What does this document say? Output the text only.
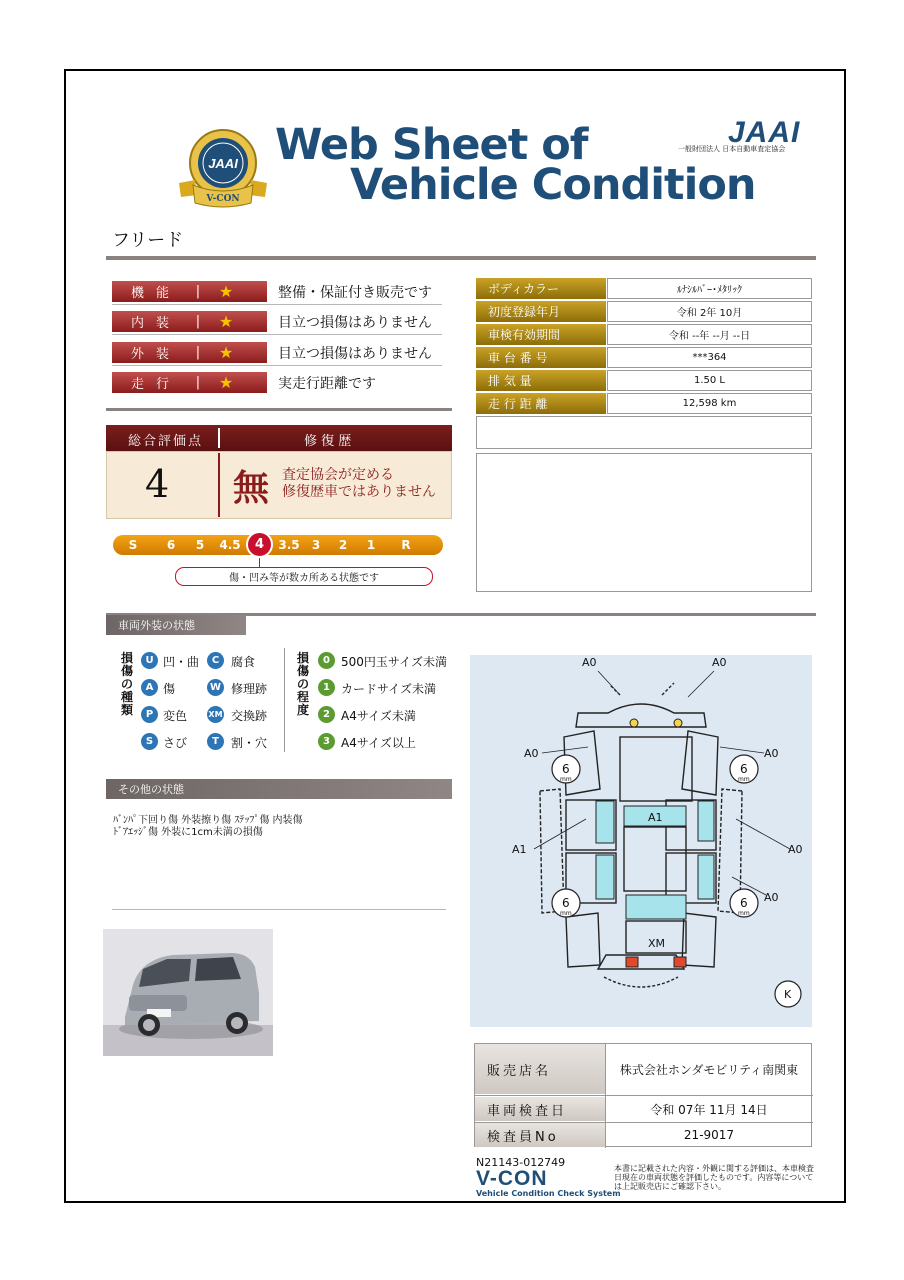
JAAI
V-CON
Web Sheet of
Vehicle Condition
JAAI
一般財団法人 日本自動車査定協会
フリード
機能	|	★	整備・保証付き販売です
内装	|	★	目立つ損傷はありません
外装	|	★	目立つ損傷はありません
走行	|	★	実走行距離です
ボディカラー	ﾙﾅｼﾙﾊﾞｰ･ﾒﾀﾘｯｸ
初度登録年月	令和 2年 10月
車検有効期間	令和 --年 --月 --日
車 台 番 号	***364
排 気 量	1.50 L
走 行 距 離	12,598 km
総合評価点	修 復 歴
4 無 査定協会が定める
修復歴車ではありません
S	6	5	4.5	4	3.5	3	2	1	R
傷・凹み等が数カ所ある状態です
車両外装の状態
損傷の種類
U 凹・曲	C 腐食
A 傷	W 修理跡
P 変色	XM 交換跡
S さび	T	割・穴
損傷の程度
0 500円玉サイズ未満
1 カードサイズ未満
2 A4サイズ未満
3 A4サイズ以上
その他の状態
ﾊﾞﾝﾊﾟ下回り傷 外装擦り傷 ｽﾃｯﾌﾟ傷 内装傷
ﾄﾞｱｴｯｼﾞ傷 外装に1cm未満の損傷
A0	A0
A0	A0
A1	A0
A0
A1
XM
6	6
6	6
mm	mm
mm	mm
K
販売店名	株式会社ホンダモビリティ南関東
車両検査日	令和 07年 11月 14日
検査員No	21-9017
N21143-012749
V-CON
Vehicle Condition Check System
本書に記載された内容・外観に関する評価は、本車検査日現在の車両状態を評価したものです。内容等については上記販売店にご確認下さい。
